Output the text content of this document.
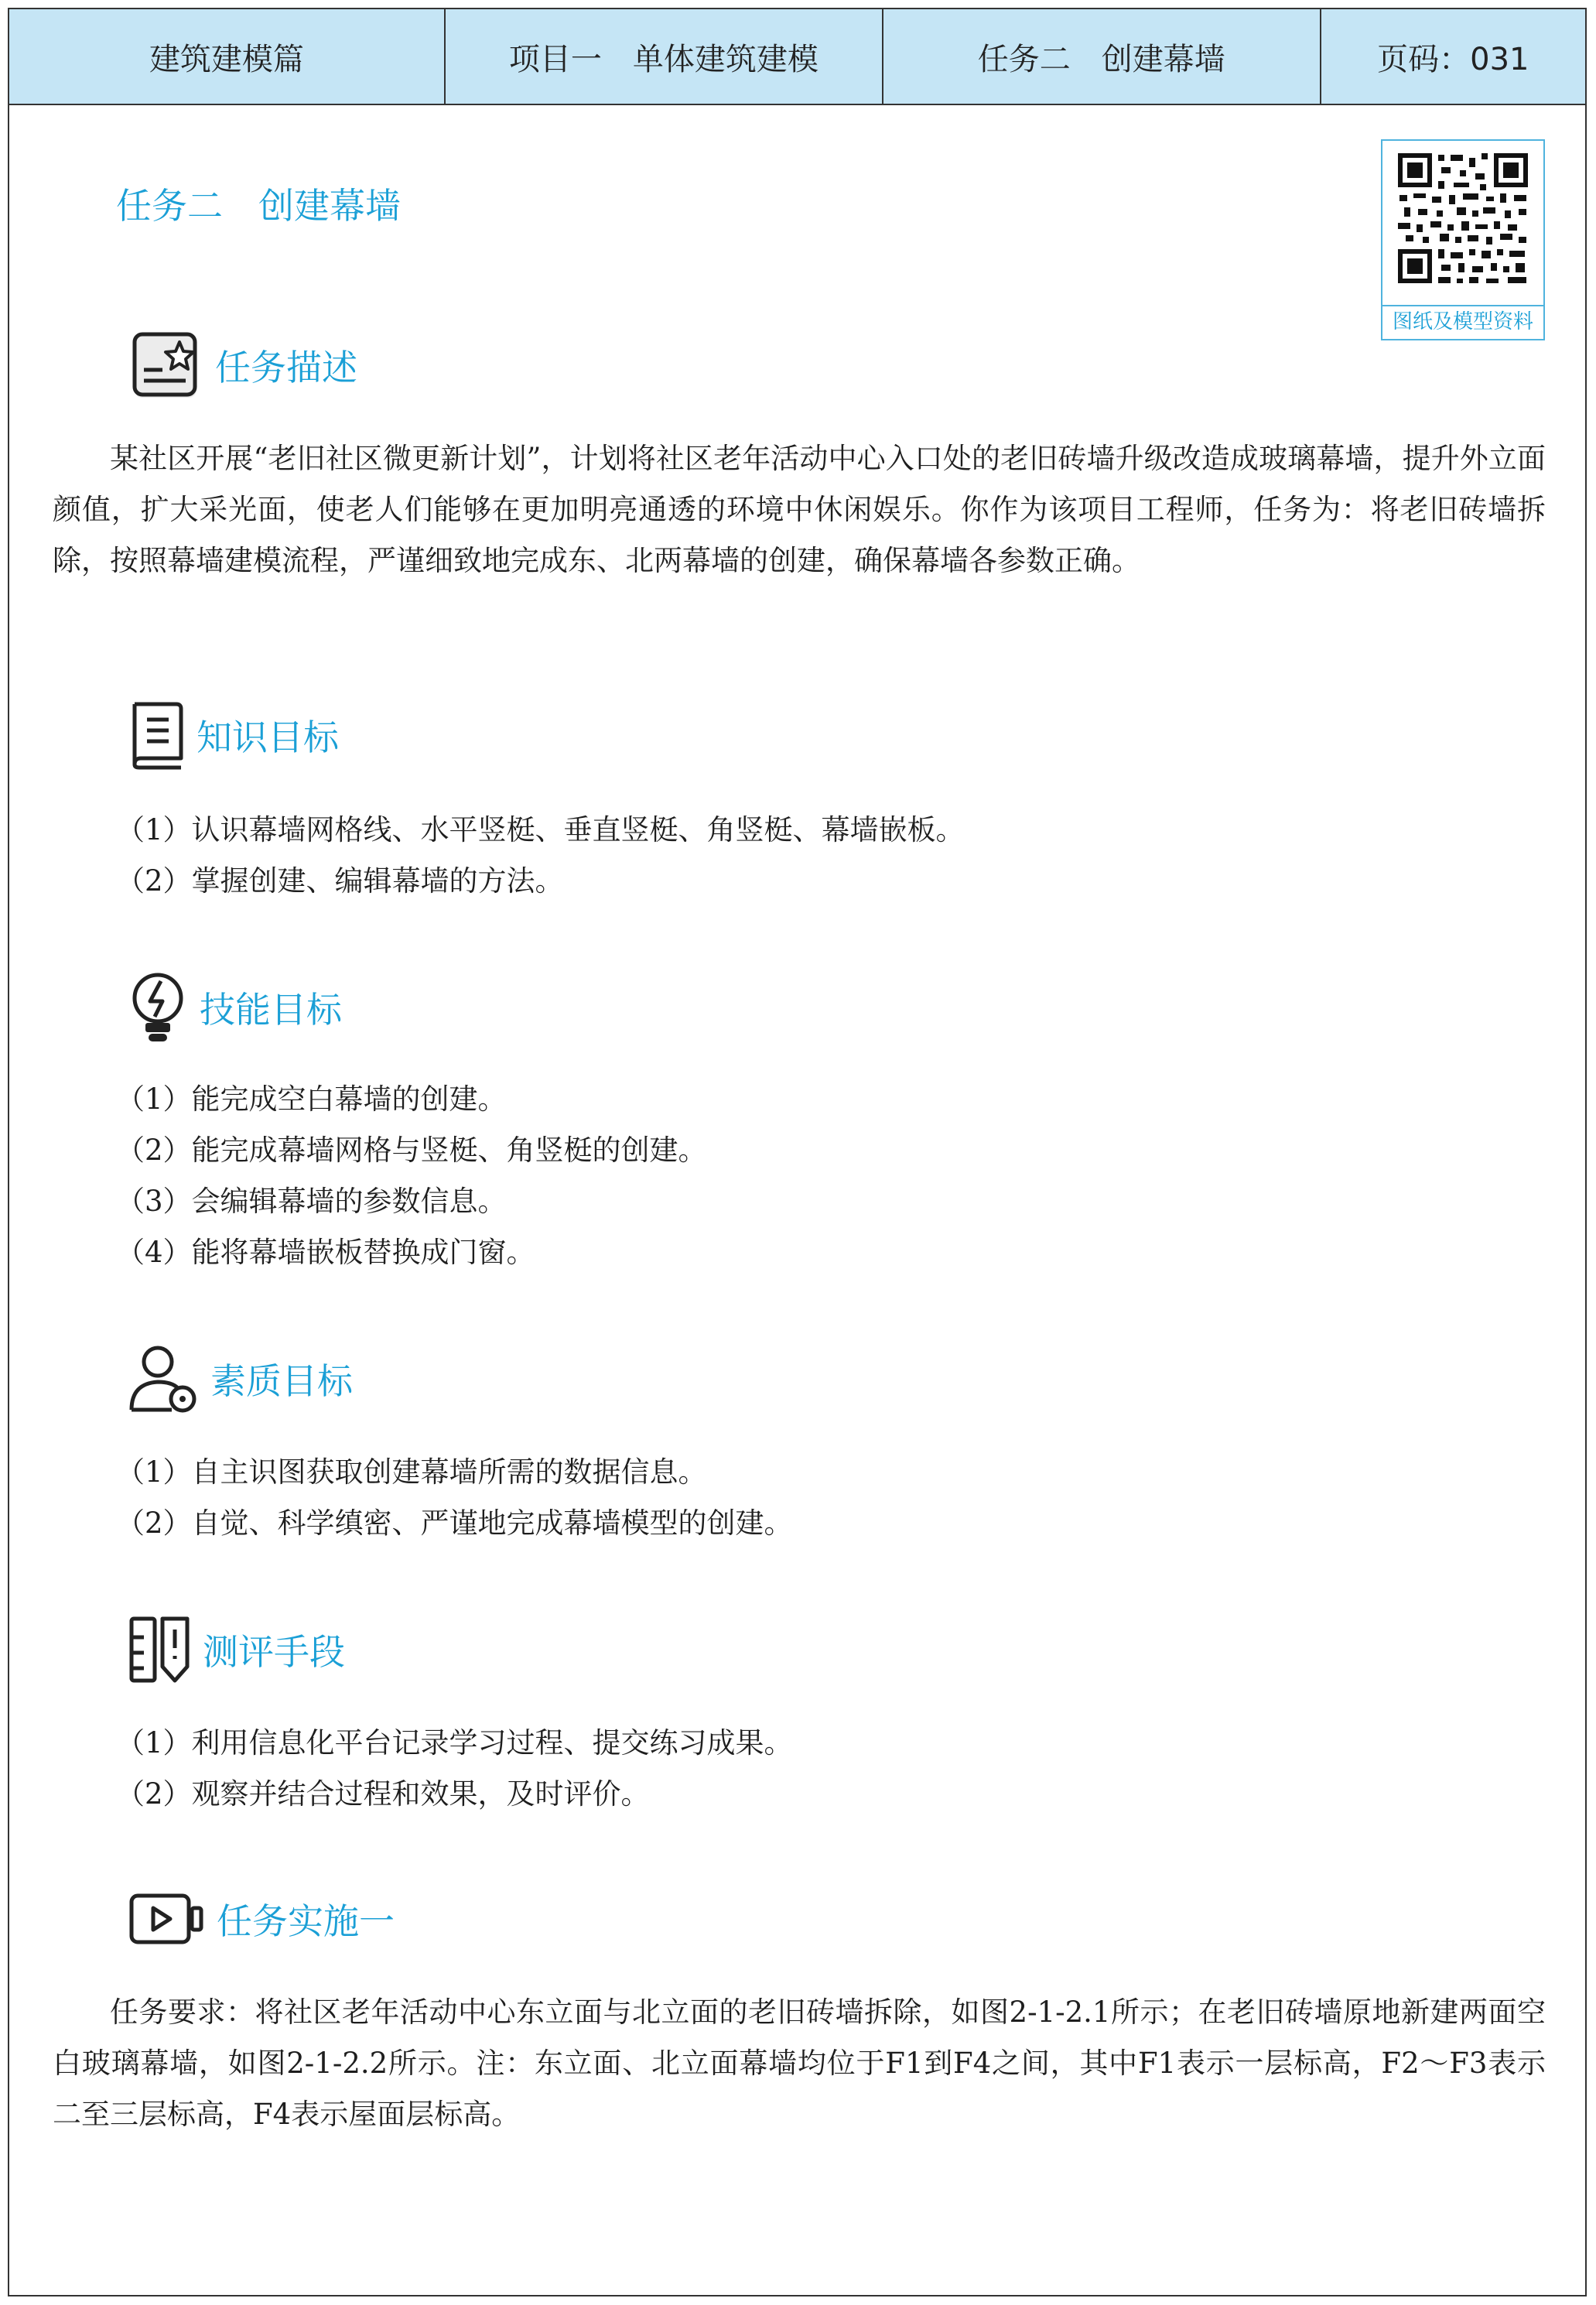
建筑建模篇	项目一　单体建筑建模	任务二　创建幕墙	页码：031
任务二　创建幕墙
图纸及模型资料
任务描述

某社区开展“老旧社区微更新计划”，计划将社区老年活动中心入口处的老旧砖墙升级改造成玻璃幕墙，提升外立面颜值，扩大采光面，使老人们能够在更加明亮通透的环境中休闲娱乐。你作为该项目工程师，任务为：将老旧砖墙拆除，按照幕墙建模流程，严谨细致地完成东、北两幕墙的创建，确保幕墙各参数正确。

知识目标
（1）认识幕墙网格线、水平竖梃、垂直竖梃、角竖梃、幕墙嵌板。
（2）掌握创建、编辑幕墙的方法。
技能目标
（1）能完成空白幕墙的创建。
（2）能完成幕墙网格与竖梃、角竖梃的创建。
（3）会编辑幕墙的参数信息。
（4）能将幕墙嵌板替换成门窗。
素质目标
（1）自主识图获取创建幕墙所需的数据信息。
（2）自觉、科学缜密、严谨地完成幕墙模型的创建。
测评手段
（1）利用信息化平台记录学习过程、提交练习成果。
（2）观察并结合过程和效果，及时评价。
任务实施一

任务要求：将社区老年活动中心东立面与北立面的老旧砖墙拆除，如图2-1-2.1所示；在老旧砖墙原地新建两面空白玻璃幕墙，如图2-1-2.2所示。注：东立面、北立面幕墙均位于F1到F4之间，其中F1表示一层标高，F2～F3表示二至三层标高，F4表示屋面层标高。
